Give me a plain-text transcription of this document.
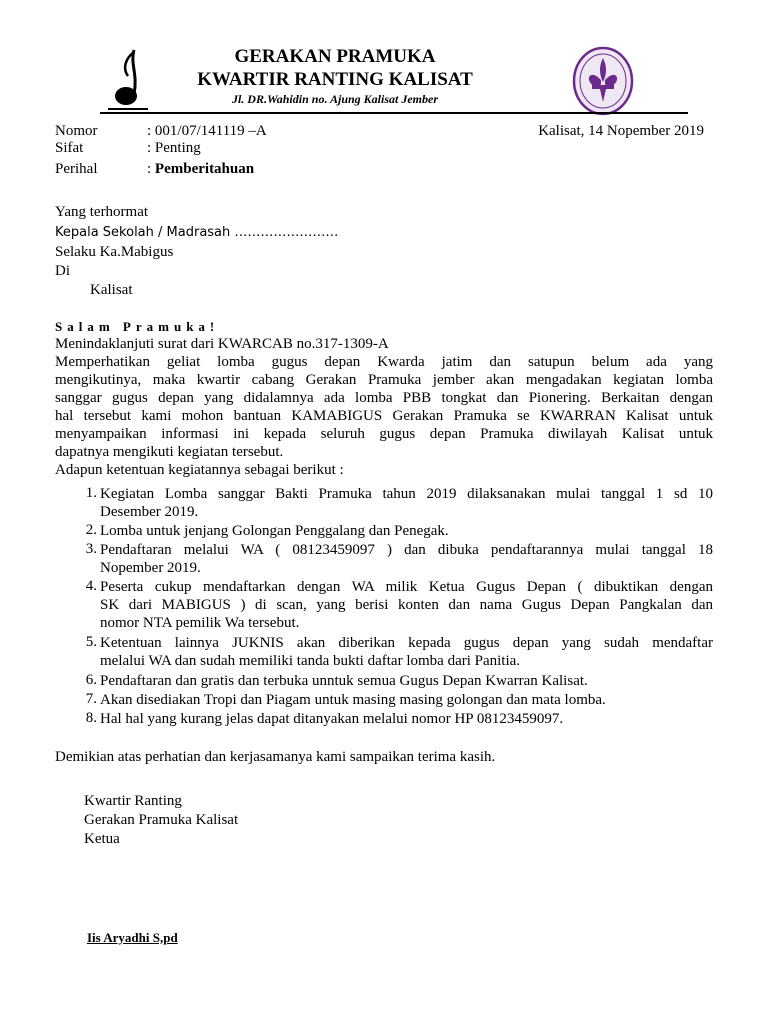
GERAKAN PRAMUKA
KWARTIR RANTING KALISAT
Jl. DR.Wahidin no. Ajung Kalisat Jember
Nomor	: 001/07/141119 –A	Kalisat, 14 Nopember 2019
Sifat	: Penting
Perihal	: Pemberitahuan
Yang terhormat
Kepala Sekolah / Madrasah ……………………
Selaku Ka.Mabigus
Di
Kalisat
Salam Pramuka!
Menindaklanjuti surat dari KWARCAB no.317-1309-A
Memperhatikan geliat lomba gugus depan Kwarda jatim dan satupun belum ada yang
mengikutinya, maka kwartir cabang Gerakan Pramuka jember akan mengadakan kegiatan lomba
sanggar gugus depan yang didalamnya ada lomba PBB tongkat dan Pionering. Berkaitan dengan
hal tersebut kami mohon bantuan KAMABIGUS Gerakan Pramuka se KWARRAN Kalisat untuk
menyampaikan informasi ini kepada seluruh gugus depan Pramuka diwilayah Kalisat untuk
dapatnya mengikuti kegiatan tersebut.
Adapun ketentuan kegiatannya sebagai berikut :
1. Kegiatan Lomba sanggar Bakti Pramuka tahun 2019 dilaksanakan mulai tanggal 1 sd 10
Desember 2019.
2. Lomba untuk jenjang Golongan Penggalang dan Penegak.
3. Pendaftaran melalui WA ( 08123459097 ) dan dibuka pendaftarannya mulai tanggal 18
Nopember 2019.
4. Peserta cukup mendaftarkan dengan WA milik Ketua Gugus Depan ( dibuktikan dengan
SK dari MABIGUS ) di scan, yang berisi konten dan nama Gugus Depan Pangkalan dan
nomor NTA pemilik Wa tersebut.
5. Ketentuan lainnya JUKNIS akan diberikan kepada gugus depan yang sudah mendaftar
melalui WA dan sudah memiliki tanda bukti daftar lomba dari Panitia.
6. Pendaftaran dan gratis dan terbuka unntuk semua Gugus Depan Kwarran Kalisat.
7. Akan disediakan Tropi dan Piagam untuk masing masing golongan dan mata lomba.
8. Hal hal yang kurang jelas dapat ditanyakan melalui nomor HP 08123459097.
Demikian atas perhatian dan kerjasamanya kami sampaikan terima kasih.
Kwartir Ranting
Gerakan Pramuka Kalisat
Ketua
Iis Aryadhi S,pd
